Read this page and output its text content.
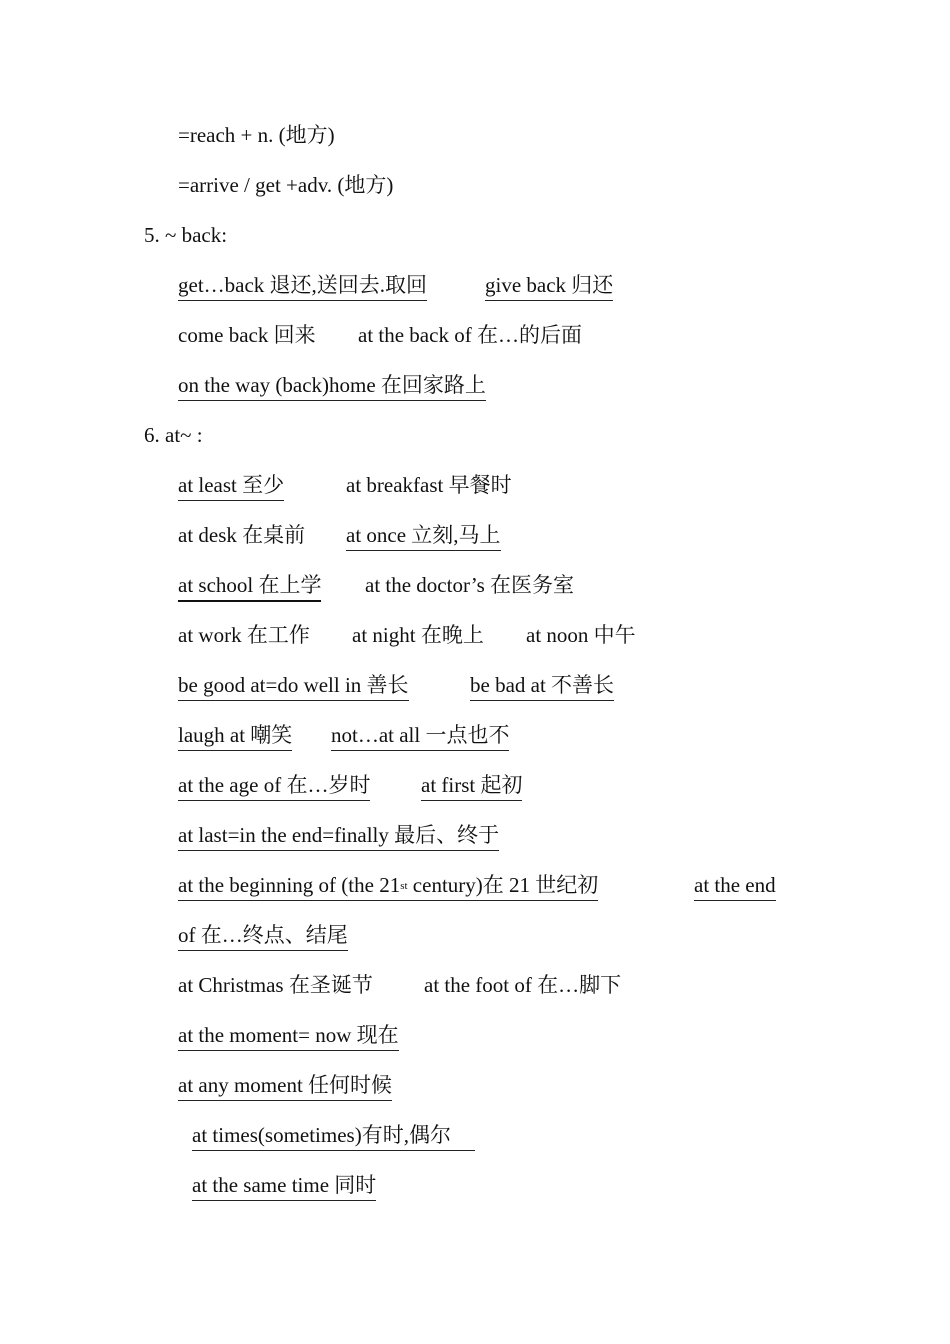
=reach + n. (地方)
=arrive / get +adv. (地方)
5. ~ back:
get…back 退还,送回去.取回	give back 归还
come back 回来 at the back of 在…的后面
on the way (back)home 在回家路上
6. at~ :
at least 至少	at breakfast 早餐时
at desk 在桌前 at once 立刻,马上
at school 在上学 at the doctor’s 在医务室
at work 在工作 at night 在晚上 at noon 中午
be good at=do well in 善长	be bad at 不善长
laugh at 嘲笑 not…at all 一点也不
at the age of 在…岁时 at first 起初
at last=in the end=finally 最后、终于
at the beginning of (the 21st century)在 21 世纪初	at the end
of 在…终点、结尾
at Christmas 在圣诞节 at the foot of 在…脚下
at the moment= now 现在
at any moment 任何时候
at times(sometimes)有时,偶尔
at the same time 同时
